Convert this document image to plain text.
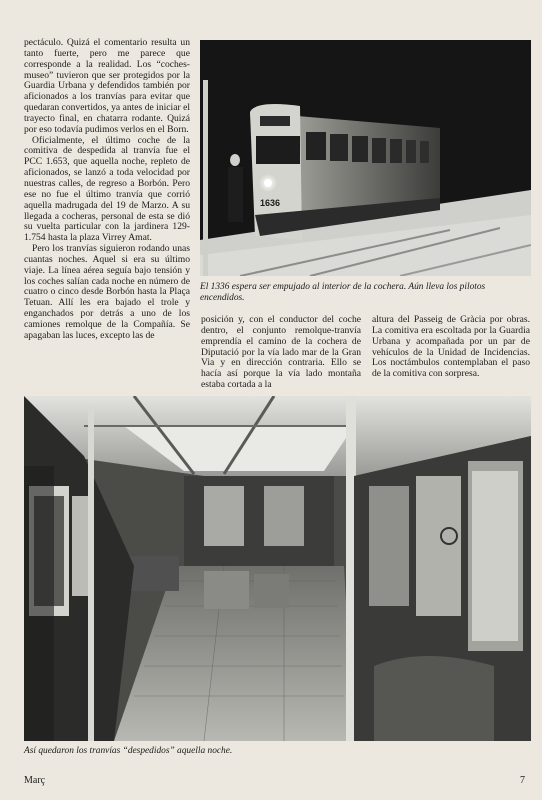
pectáculo. Quizá el comentario resulta un tanto fuerte, pero me parece que corresponde a la realidad. Los “coches-museo” tuvieron que ser protegidos por la Guardia Urbana y defendidos también por aficionados a los tranvías para evitar que quedaran convertidos, ya antes de iniciar el trayecto final, en chatarra rodante. Quizá por eso todavía pudimos verlos en el Born.

Oficialmente, el último coche de la comitiva de despedida al tranvía fue el PCC 1.653, que aquella noche, repleto de aficionados, se lanzó a toda velocidad por nuestras calles, de regreso a Borbón. Pero ese no fue el último tranvía que corrió aquella madrugada del 19 de Marzo. A su llegada a cocheras, personal de esta se dió su vuelta particular con la jardinera 129-1.754 hasta la plaza Virrey Amat.

Pero los tranvías siguieron rodando unas cuantas noches. Aquel si era su último viaje. La línea aérea seguía bajo tensión y los coches salían cada noche en número de cuatro o cinco desde Borbón hasta la Plaça Tetuan. Allí les era bajado el trole y enganchados por detrás a uno de los camiones remolque de la Compañía. Se apagaban las luces, excepto las de

1636
El 1336 espera ser empujado al interior de la cochera. Aún lleva los pilotos encendidos.

posición y, con el conductor del coche dentro, el conjunto remolque-tranvía emprendía el camino de la cochera de Diputació por la vía lado mar de la Gran Via y en dirección contraria. Ello se hacía así porque la vía lado montaña estaba cortada a la

altura del Passeig de Gràcia por obras. La comitiva era escoltada por la Guardia Urbana y acompañada por un par de vehículos de la Unidad de Incidencias. Los noctámbulos contemplaban el paso de la comitiva con sorpresa.

Así quedaron los tranvías “despedidos” aquella noche.
Març	7
